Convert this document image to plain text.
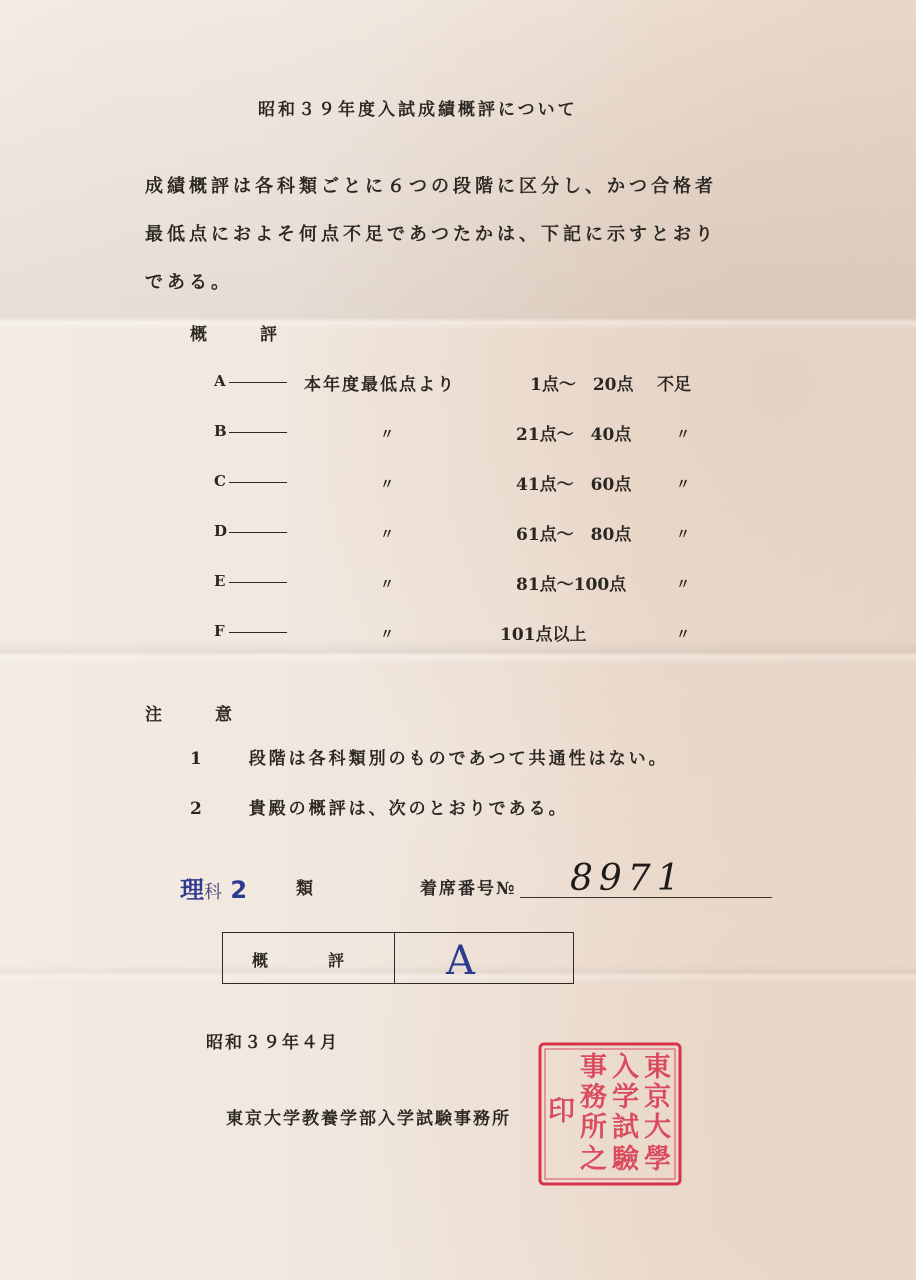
昭和３９年度入試成績概評について
成績概評は各科類ごとに６つの段階に区分し、かつ合格者
最低点におよそ何点不足であつたかは、下記に示すとおり
である。
概　評
A	本年度最低点より	1点～　20点 不足
B	〃	21点～　40点	〃
C	〃	41点～　60点	〃
D	〃	61点～　80点	〃
E	〃	81点～100点	〃
F	〃	101点以上	〃
注　意
1	段階は各科類別のものであつて共通性はない。
2	貴殿の概評は、次のとおりである。
理科 2	類	着席番号№ 8971
概評 A
昭和３９年４月
東京大学教養学部入学試験事務所
東
京
大
學
入
学
試
驗
事
務
所
之
印
